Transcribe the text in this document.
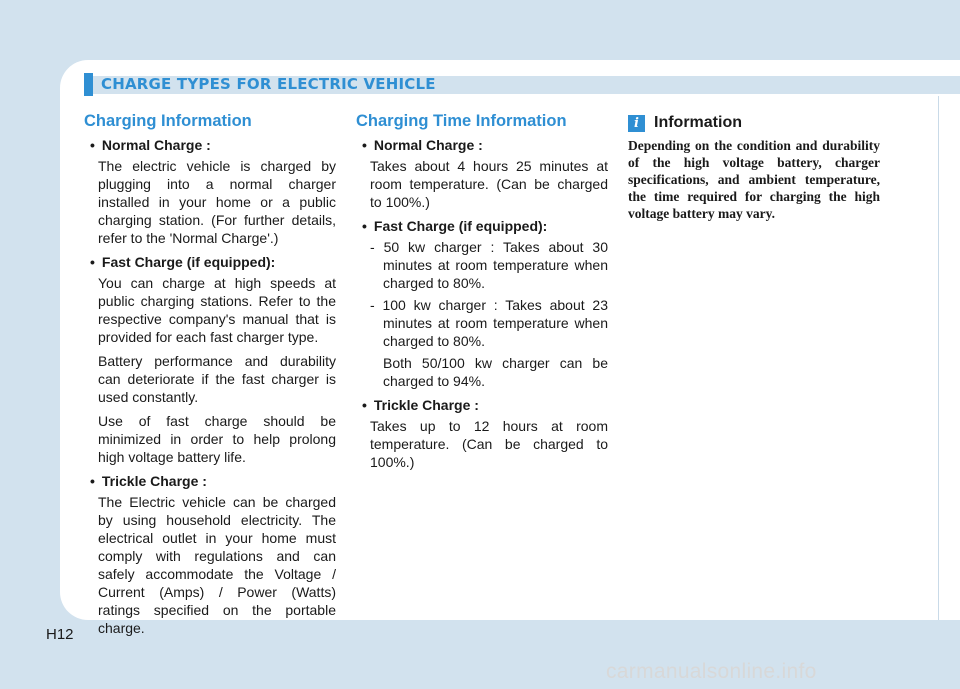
CHARGE TYPES FOR ELECTRIC VEHICLE
Charging Information
• Normal Charge :
The electric vehicle is charged by plugging into a normal charger installed in your home or a public charging station. (For further details, refer to the 'Normal Charge'.)
• Fast Charge (if equipped):
You can charge at high speeds at public charging stations. Refer to the respective company's manual that is provided for each fast charger type.
Battery performance and durability can deteriorate if the fast charger is used constantly.
Use of fast charge should be minimized in order to help prolong high voltage battery life.
• Trickle Charge :
The Electric vehicle can be charged by using household electricity. The electrical outlet in your home must comply with regulations and can safely accommodate the Voltage / Current (Amps) / Power (Watts) ratings specified on the portable charge.
Charging Time Information
• Normal Charge :
Takes about 4 hours 25 minutes at room temperature. (Can be charged to 100%.)
• Fast Charge (if equipped):
- 50 kw charger : Takes about 30 minutes at room temperature when charged to 80%.
- 100 kw charger : Takes about 23 minutes at room temperature when charged to 80%.
Both 50/100 kw charger can be charged to 94%.
• Trickle Charge :
Takes up to 12 hours at room temperature. (Can be charged to 100%.)
i Information
Depending on the condition and durability of the high voltage battery, charger specifications, and ambient temperature, the time required for charging the high voltage battery may vary.
H12
carmanualsonline.info
